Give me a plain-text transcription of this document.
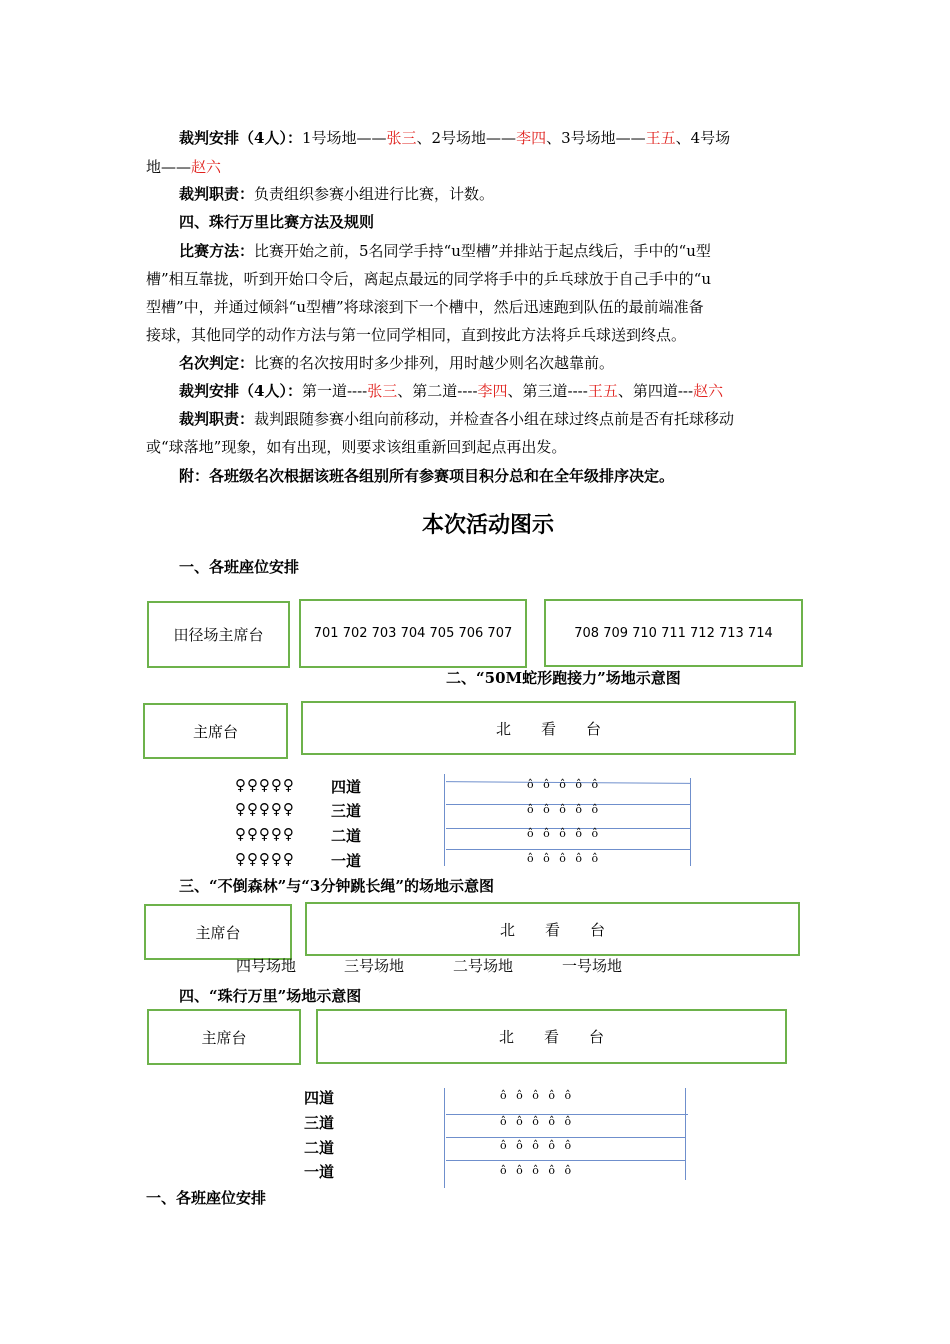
裁判安排（4人）：1号场地——张三、2号场地——李四、3号场地——王五、4号场
地——赵六
裁判职责：负责组织参赛小组进行比赛，计数。
四、珠行万里比赛方法及规则
比赛方法：比赛开始之前，5名同学手持“u型槽”并排站于起点线后，手中的“u型
槽”相互靠拢，听到开始口令后，离起点最远的同学将手中的乒乓球放于自己手中的“u
型槽”中，并通过倾斜“u型槽”将球滚到下一个槽中，然后迅速跑到队伍的最前端准备
接球，其他同学的动作方法与第一位同学相同，直到按此方法将乒乓球送到终点。
名次判定：比赛的名次按用时多少排列，用时越少则名次越靠前。
裁判安排（4人）：第一道----张三、第二道----李四、第三道----王五、第四道---赵六
裁判职责：裁判跟随参赛小组向前移动，并检查各小组在球过终点前是否有托球移动
或“球落地”现象，如有出现，则要求该组重新回到起点再出发。
附：各班级名次根据该班各组别所有参赛项目积分总和在全年级排序决定。
本次活动图示
一、各班座位安排
田径场主席台	701 702 703 704 705 706 707	708 709 710 711 712 713 714
二、“50M蛇形跑接力”场地示意图
主席台	北　　看　　台
♀♀♀♀♀
♀♀♀♀♀
♀♀♀♀♀
♀♀♀♀♀
四道
三道
二道
一道
ô ô ô ô ô
ô ô ô ô ô
ô ô ô ô ô
ô ô ô ô ô
三、“不倒森林”与“3分钟跳长绳”的场地示意图
主席台	北　　看　　台
四号场地	三号场地	二号场地	一号场地
四、“珠行万里”场地示意图
主席台	北　　看　　台
四道
三道
二道
一道
ô ô ô ô ô
ô ô ô ô ô
ô ô ô ô ô
ô ô ô ô ô
一、各班座位安排
